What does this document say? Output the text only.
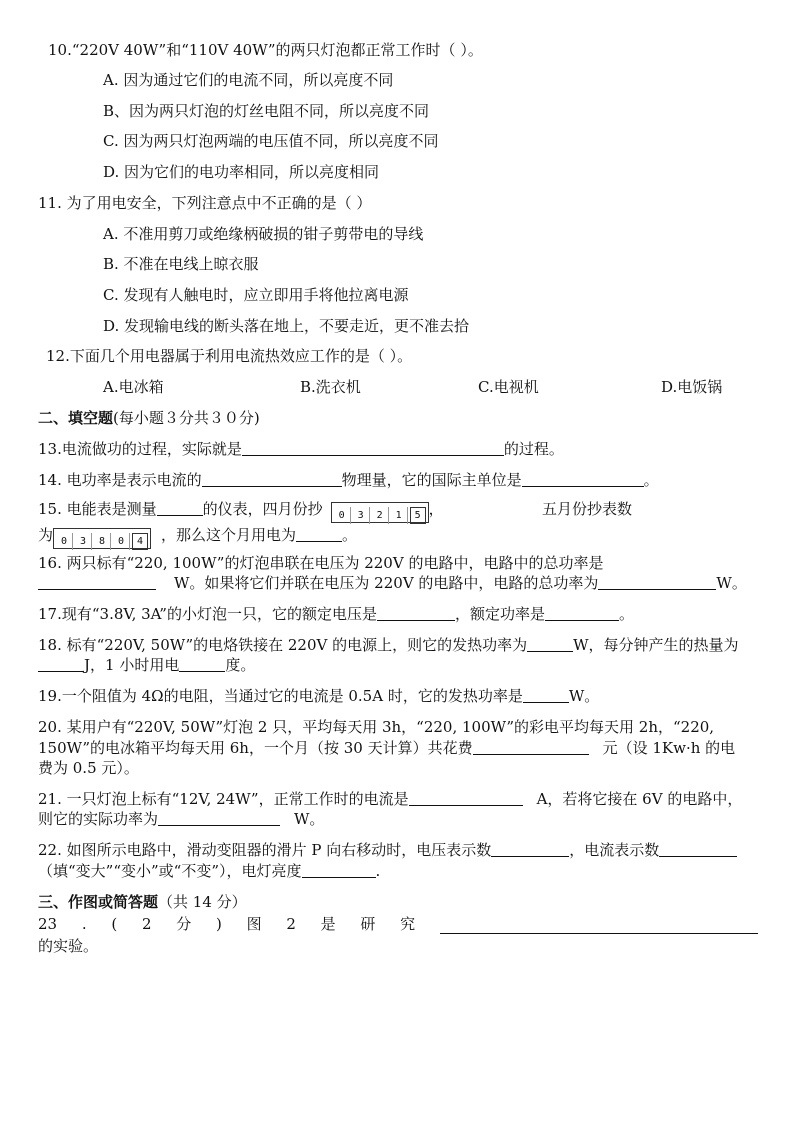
10.“220V 40W”和“110V 40W”的两只灯泡都正常工作时（ ）。
A. 因为通过它们的电流不同，所以亮度不同
B、因为两只灯泡的灯丝电阻不同，所以亮度不同
C. 因为两只灯泡两端的电压值不同，所以亮度不同
D. 因为它们的电功率相同，所以亮度相同
11. 为了用电安全，下列注意点中不正确的是（ ）
A. 不准用剪刀或绝缘柄破损的钳子剪带电的导线
B. 不准在电线上晾衣服
C. 发现有人触电时，应立即用手将他拉离电源
D. 发现输电线的断头落在地上，不要走近，更不准去拾
12.下面几个用电器属于利用电流热效应工作的是（ ）。
A.电冰箱	B.洗衣机	C.电视机	D.电饭锅
二、填空题(每小题３分共３０分)
13.电流做功的过程，实际就是	的过程。
14. 电功率是表示电流的	物理量，它的国际主单位是	。
15. 电能表是测量	的仪表，四月份抄 0 3 2 1 5 ，	五月份抄表数
为 0 3 8 0 4 ，那么这个月用电为	。
16. 两只标有“220, 100W”的灯泡串联在电压为 220V 的电路中，电路中的总功率是
W。如果将它们并联在电压为 220V 的电路中，电路的总功率为	W。
17.现有“3.8V, 3A”的小灯泡一只，它的额定电压是	，额定功率是	。
18. 标有“220V, 50W”的电烙铁接在 220V 的电源上，则它的发热功率为	W，每分钟产生的热量为
J，1 小时用电	度。
19.一个阻值为 4Ω的电阻，当通过它的电流是 0.5A 时，它的发热功率是	W。
20. 某用户有“220V, 50W”灯泡 2 只，平均每天用 3h，“220, 100W”的彩电平均每天用 2h，“220,
150W”的电冰箱平均每天用 6h，一个月（按 30 天计算）共花费	元（设 1Kw·h 的电
费为 0.5 元）。
21. 一只灯泡上标有“12V, 24W”，正常工作时的电流是	A，若将它接在 6V 的电路中，
则它的实际功率为	W。
22. 如图所示电路中，滑动变阻器的滑片 P 向右移动时，电压表示数	，电流表示数
（填“变大”“变小”或“不变”），电灯亮度	.
三、作图或简答题（共 14 分）
23 . ( 2 分 ) 图 2 是 研 究
的实验。
